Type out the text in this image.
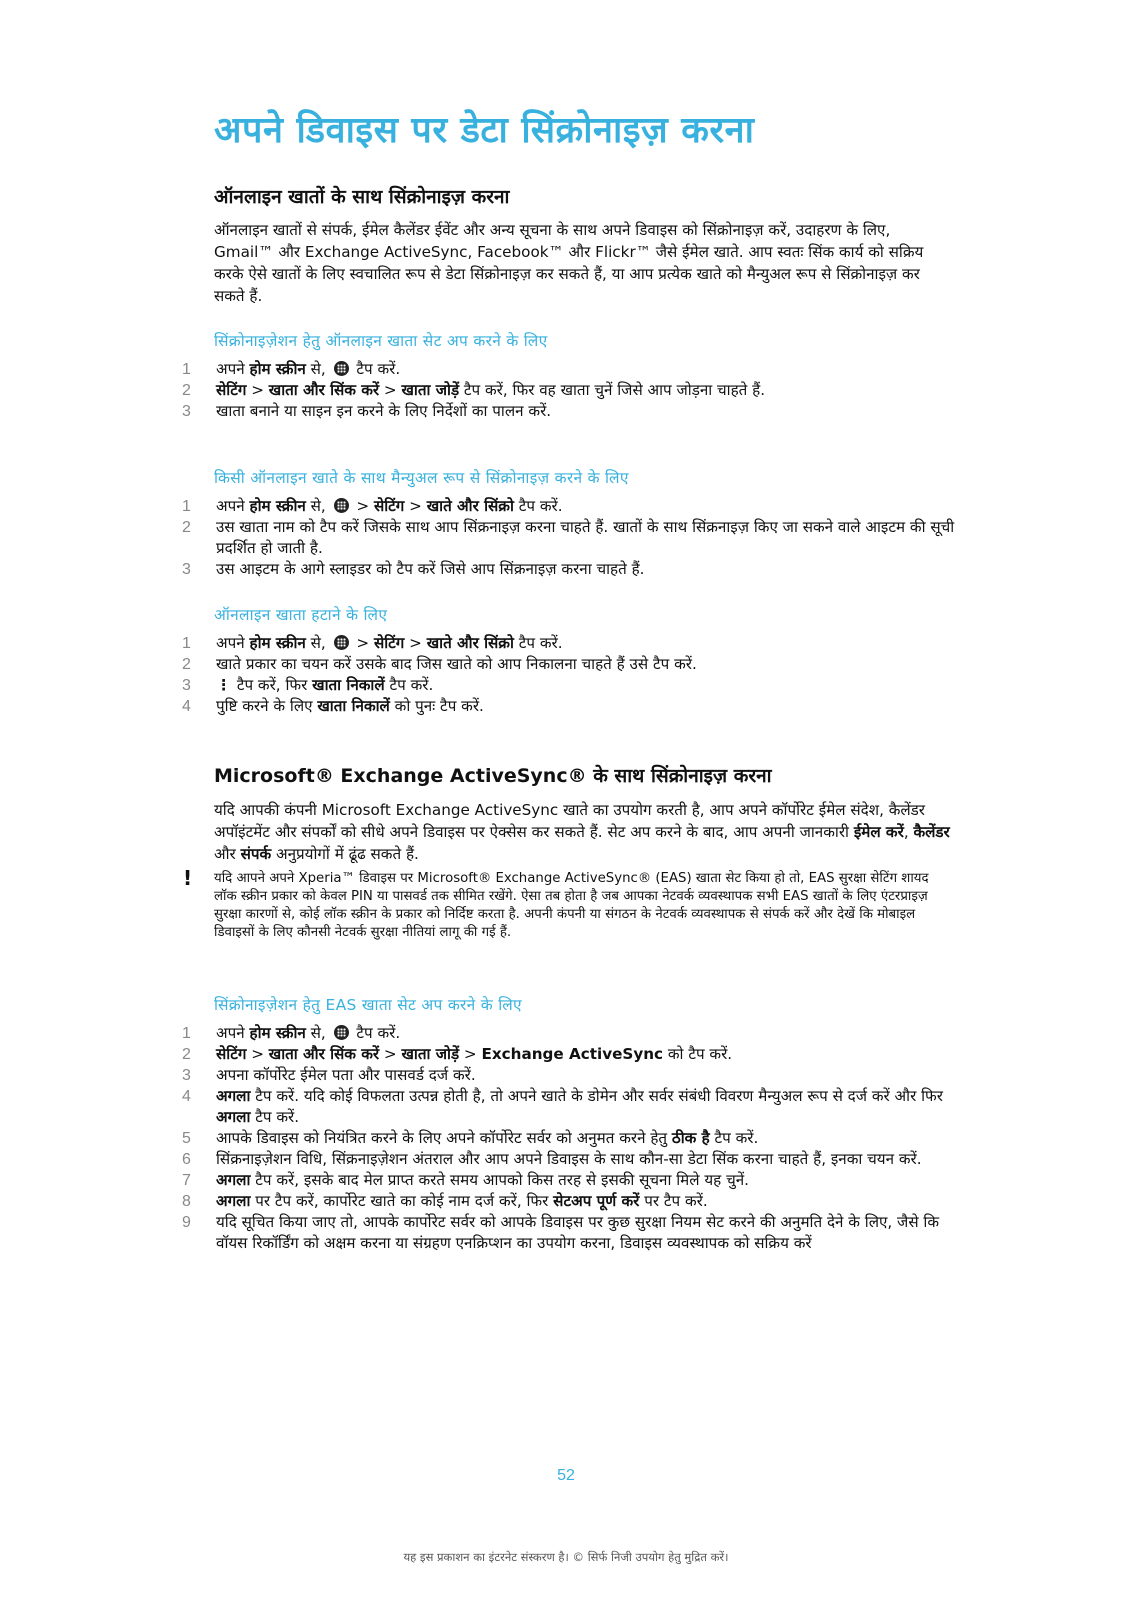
अपने डिवाइस पर डेटा सिंक्रोनाइज़ करना
ऑनलाइन खातों के साथ सिंक्रोनाइज़ करना
ऑनलाइन खातों से संपर्क, ईमेल कैलेंडर ईवेंट और अन्य सूचना के साथ अपने डिवाइस को सिंक्रोनाइज़ करें, उदाहरण के लिए, Gmail™ और Exchange ActiveSync, Facebook™ और Flickr™ जैसे ईमेल खाते. आप स्वतः सिंक कार्य को सक्रिय करके ऐसे खातों के लिए स्वचालित रूप से डेटा सिंक्रोनाइज़ कर सकते हैं, या आप प्रत्येक खाते को मैन्युअल रूप से सिंक्रोनाइज़ कर सकते हैं.
सिंक्रोनाइज़ेशन हेतु ऑनलाइन खाता सेट अप करने के लिए
1	अपने होम स्क्रीन से,  टैप करें.
2	सेटिंग > खाता और सिंक करें > खाता जोड़ें टैप करें, फिर वह खाता चुनें जिसे आप जोड़ना चाहते हैं.
3	खाता बनाने या साइन इन करने के लिए निर्देशों का पालन करें.
किसी ऑनलाइन खाते के साथ मैन्युअल रूप से सिंक्रोनाइज़ करने के लिए
1	अपने होम स्क्रीन से,  > सेटिंग > खाते और सिंक्रो टैप करें.
2	उस खाता नाम को टैप करें जिसके साथ आप सिंक्रनाइज़ करना चाहते हैं. खातों के साथ सिंक्रनाइज़ किए जा सकने वाले आइटम की सूची प्रदर्शित हो जाती है.
3	उस आइटम के आगे स्लाइडर को टैप करें जिसे आप सिंक्रनाइज़ करना चाहते हैं.
ऑनलाइन खाता हटाने के लिए
1	अपने होम स्क्रीन से,  > सेटिंग > खाते और सिंक्रो टैप करें.
2	खाते प्रकार का चयन करें उसके बाद जिस खाते को आप निकालना चाहते हैं उसे टैप करें.
3	⋮ टैप करें, फिर खाता निकालें टैप करें.
4	पुष्टि करने के लिए खाता निकालें को पुनः टैप करें.
Microsoft® Exchange ActiveSync® के साथ सिंक्रोनाइज़ करना
यदि आपकी कंपनी Microsoft Exchange ActiveSync खाते का उपयोग करती है, आप अपने कॉर्पोरेट ईमेल संदेश, कैलेंडर अपॉइंटमेंट और संपर्कों को सीधे अपने डिवाइस पर ऐक्सेस कर सकते हैं. सेट अप करने के बाद, आप अपनी जानकारी ईमेल करें, कैलेंडर और संपर्क अनुप्रयोगों में ढूंढ सकते हैं.
! यदि आपने अपने Xperia™ डिवाइस पर Microsoft® Exchange ActiveSync® (EAS) खाता सेट किया हो तो, EAS सुरक्षा सेटिंग शायद लॉक स्क्रीन प्रकार को केवल PIN या पासवर्ड तक सीमित रखेंगे. ऐसा तब होता है जब आपका नेटवर्क व्यवस्थापक सभी EAS खातों के लिए एंटरप्राइज़ सुरक्षा कारणों से, कोई लॉक स्क्रीन के प्रकार को निर्दिष्ट करता है. अपनी कंपनी या संगठन के नेटवर्क व्यवस्थापक से संपर्क करें और देखें कि मोबाइल डिवाइसों के लिए कौनसी नेटवर्क सुरक्षा नीतियां लागू की गई हैं.
सिंक्रोनाइज़ेशन हेतु EAS खाता सेट अप करने के लिए
1	अपने होम स्क्रीन से,  टैप करें.
2	सेटिंग > खाता और सिंक करें > खाता जोड़ें > Exchange ActiveSync को टैप करें.
3	अपना कॉर्पोरेट ईमेल पता और पासवर्ड दर्ज करें.
4	अगला टैप करें. यदि कोई विफलता उत्पन्न होती है, तो अपने खाते के डोमेन और सर्वर संबंधी विवरण मैन्युअल रूप से दर्ज करें और फिर अगला टैप करें.
5	आपके डिवाइस को नियंत्रित करने के लिए अपने कॉर्पोरेट सर्वर को अनुमत करने हेतु ठीक है टैप करें.
6	सिंक्रनाइज़ेशन विधि, सिंक्रनाइज़ेशन अंतराल और आप अपने डिवाइस के साथ कौन-सा डेटा सिंक करना चाहते हैं, इनका चयन करें.
7	अगला टैप करें, इसके बाद मेल प्राप्त करते समय आपको किस तरह से इसकी सूचना मिले यह चुनें.
8	अगला पर टैप करें, कार्पोरेट खाते का कोई नाम दर्ज करें, फिर सेटअप पूर्ण करें पर टैप करें.
9	यदि सूचित किया जाए तो, आपके कार्पोरेट सर्वर को आपके डिवाइस पर कुछ सुरक्षा नियम सेट करने की अनुमति देने के लिए, जैसे कि वॉयस रिकॉर्डिंग को अक्षम करना या संग्रहण एनक्रिप्शन का उपयोग करना, डिवाइस व्यवस्थापक को सक्रिय करें
52
यह इस प्रकाशन का इंटरनेट संस्करण है। © सिर्फ निजी उपयोग हेतु मुद्रित करें।
